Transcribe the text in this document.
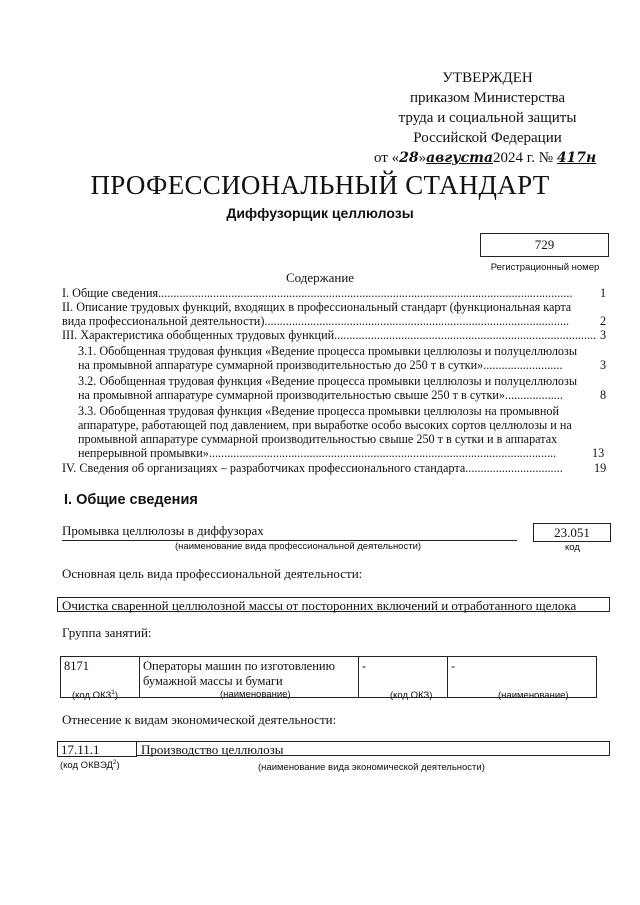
УТВЕРЖДЕН
приказом Министерства
труда и социальной защиты
Российской Федерации
от «28»августа2024 г. № 417н
ПРОФЕССИОНАЛЬНЫЙ СТАНДАРТ
Диффузорщик целлюлозы
729
Регистрационный номер
Содержание
I. Общие сведения........................................................................................................................................ 1
II. Описание трудовых функций, входящих в профессиональный стандарт (функциональная карта
вида профессиональной деятельности)....................................................................................................	2
III. Характеристика обобщенных трудовых функций...................................................................................... 3
3.1. Обобщенная трудовая функция «Ведение процесса промывки целлюлозы и полуцеллюлозы
на промывной аппаратуре суммарной производительностью до 250 т в сутки»..........................	3
3.2. Обобщенная трудовая функция «Ведение процесса промывки целлюлозы и полуцеллюлозы
на промывной аппаратуре суммарной производительностью свыше 250 т в сутки»...................	8
3.3. Обобщенная трудовая функция «Ведение процесса промывки целлюлозы на промывной
аппаратуре, работающей под давлением, при выработке особо высоких сортов целлюлозы и на
промывной аппаратуре суммарной производительностью свыше 250 т в сутки и в аппаратах
непрерывной промывки»..................................................................................................................	13
IV. Сведения об организациях – разработчиках профессионального стандарта................................	19
I. Общие сведения
Промывка целлюлозы в диффузорах	23.051
(наименование вида профессиональной деятельности)	код
Основная цель вида профессиональной деятельности:
Очистка сваренной целлюлозной массы от посторонних включений и отработанного щелока
Группа занятий:
8171	Операторы машин по изготовлению
бумажной массы и бумаги
	-	-
(код ОКЗ$^1$)	(наименование)	(код ОКЗ)	(наименование)
Отнесение к видам экономической деятельности:
17.11.1	Производство целлюлозы
(код ОКВЭД$^2$)	(наименование вида экономической деятельности)
